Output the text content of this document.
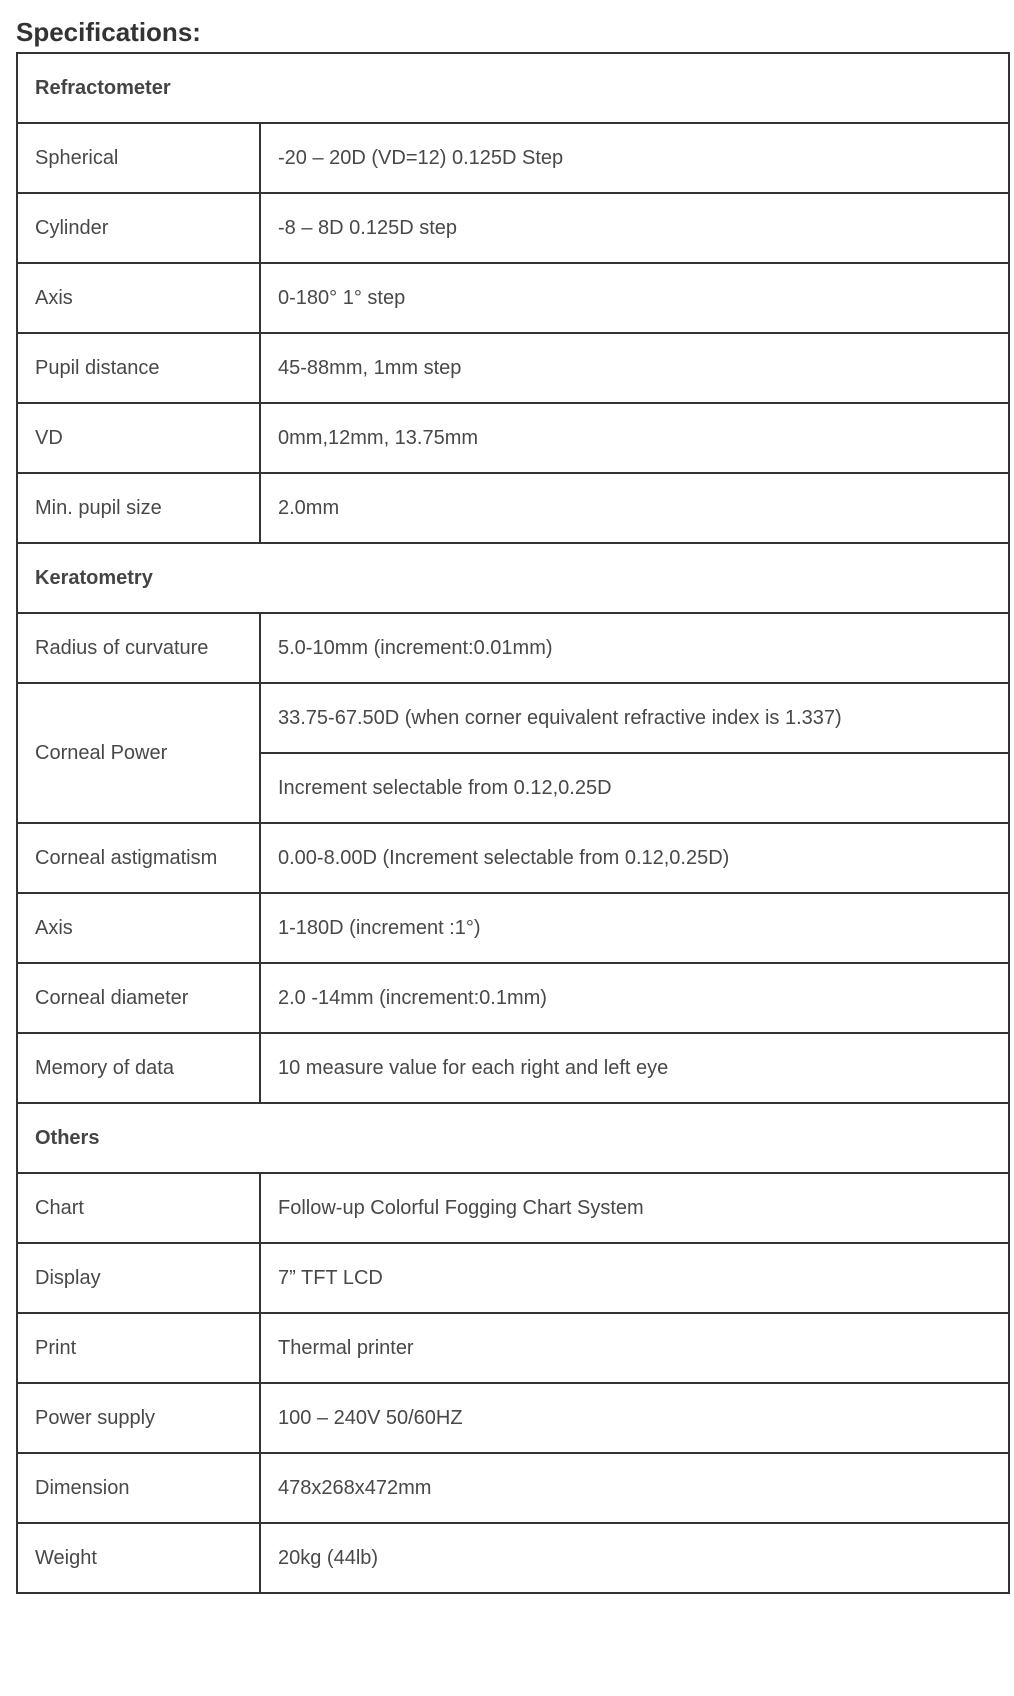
Specifications:
Refractometer	
Spherical	-20 – 20D (VD=12) 0.125D Step
Cylinder	-8 – 8D 0.125D step
Axis	0-180° 1° step
Pupil distance	45-88mm, 1mm step
VD	0mm,12mm, 13.75mm
Min. pupil size	2.0mm
Keratometry	
Radius of curvature	5.0-10mm (increment:0.01mm)
Corneal Power	33.75-67.50D (when corner equivalent refractive index is 1.337)
	Increment selectable from 0.12,0.25D
Corneal astigmatism	0.00-8.00D (Increment selectable from 0.12,0.25D)
Axis	1-180D (increment :1°)
Corneal diameter	2.0 -14mm (increment:0.1mm)
Memory of data	10 measure value for each right and left eye
Others	
Chart	Follow-up Colorful Fogging Chart System
Display	7” TFT LCD
Print	Thermal printer
Power supply	100 – 240V 50/60HZ
Dimension	478x268x472mm
Weight	20kg (44lb)
